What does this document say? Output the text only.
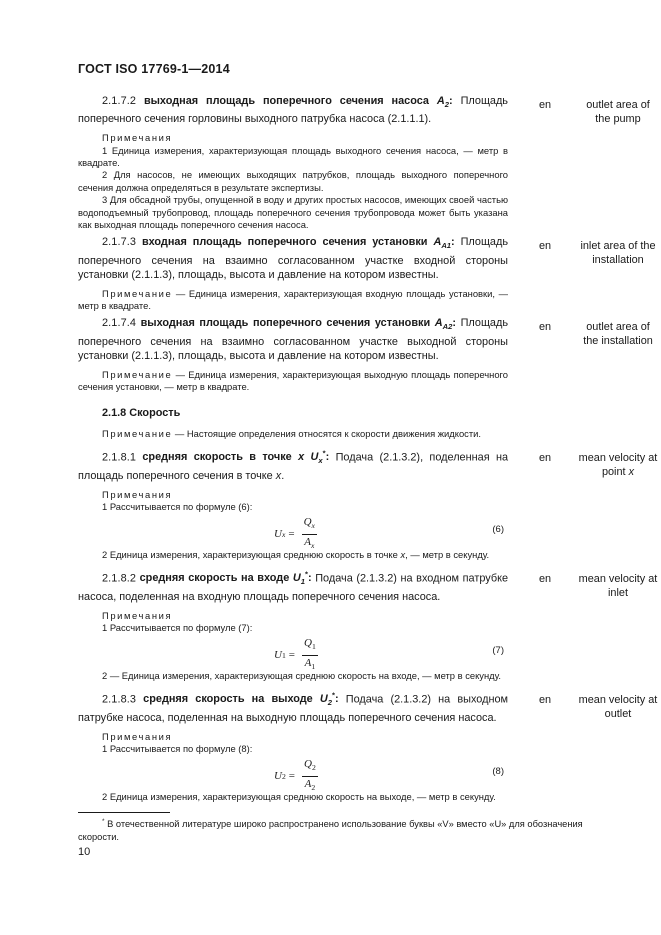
ГОСТ ISO 17769-1—2014
2.1.7.2 выходная площадь поперечного сечения насоса $A_2$: Площадь поперечного сечения горловины выходного патрубка насоса (2.1.1.1).
Примечания
1 Единица измерения, характеризующая площадь выходного сечения насоса, — метр в квадрате.
2 Для насосов, не имеющих выходящих патрубков, площадь выходного поперечного сечения должна определяться в результате экспертизы.
3 Для обсадной трубы, опущенной в воду и других простых насосов, имеющих своей частью водоподъемный трубопровод, площадь поперечного сечения трубопровода может быть указана как выходная площадь поперечного сечения насоса.
en	outlet area of the pump
2.1.7.3 входная площадь поперечного сечения установки $A_{A1}$: Площадь поперечного сечения на взаимно согласованном участке входной стороны установки (2.1.1.3), площадь, высота и давление на котором известны.
Примечание — Единица измерения, характеризующая входную площадь установки, — метр в квадрате.
en	inlet area of the installation
2.1.7.4 выходная площадь поперечного сечения установки $A_{A2}$: Площадь поперечного сечения на взаимно согласованном участке выходной стороны установки (2.1.1.3), площадь, высота и давление на котором известны.
Примечание — Единица измерения, характеризующая выходную площадь поперечного сечения установки, — метр в квадрате.
en	outlet area of the installation
2.1.8 Скорость
Примечание — Настоящие определения относятся к скорости движения жидкости.
2.1.8.1 средняя скорость в точке x $U_x^*$: Подача (2.1.3.2), поделенная на площадь поперечного сечения в точке x.
Примечания
1 Рассчитывается по формуле (6):
U $x = \frac{Q_x}{A_x}$	(6)
2 Единица измерения, характеризующая среднюю скорость в точке x, — метр в секунду.
en	mean velocity at point x
2.1.8.2 средняя скорость на входе $U_1^*$: Подача (2.1.3.2) на входном патрубке насоса, поделенная на входную площадь поперечного сечения насоса.
Примечания
1 Рассчитывается по формуле (7):
U $1 = \frac{Q_1}{A_1}$	(7)
2 — Единица измерения, характеризующая среднюю скорость на входе, — метр в секунду.
en	mean velocity at inlet
2.1.8.3 средняя скорость на выходе $U_2^*$: Подача (2.1.3.2) на выходном патрубке насоса, поделенная на выходную площадь поперечного сечения насоса.
Примечания
1 Рассчитывается по формуле (8):
U $2 = \frac{Q_2}{A_2}$	(8)
2 Единица измерения, характеризующая среднюю скорость на выходе, — метр в секунду.
en	mean velocity at outlet
* В отечественной литературе широко распространено использование буквы «V» вместо «U» для обозначения скорости.
10
